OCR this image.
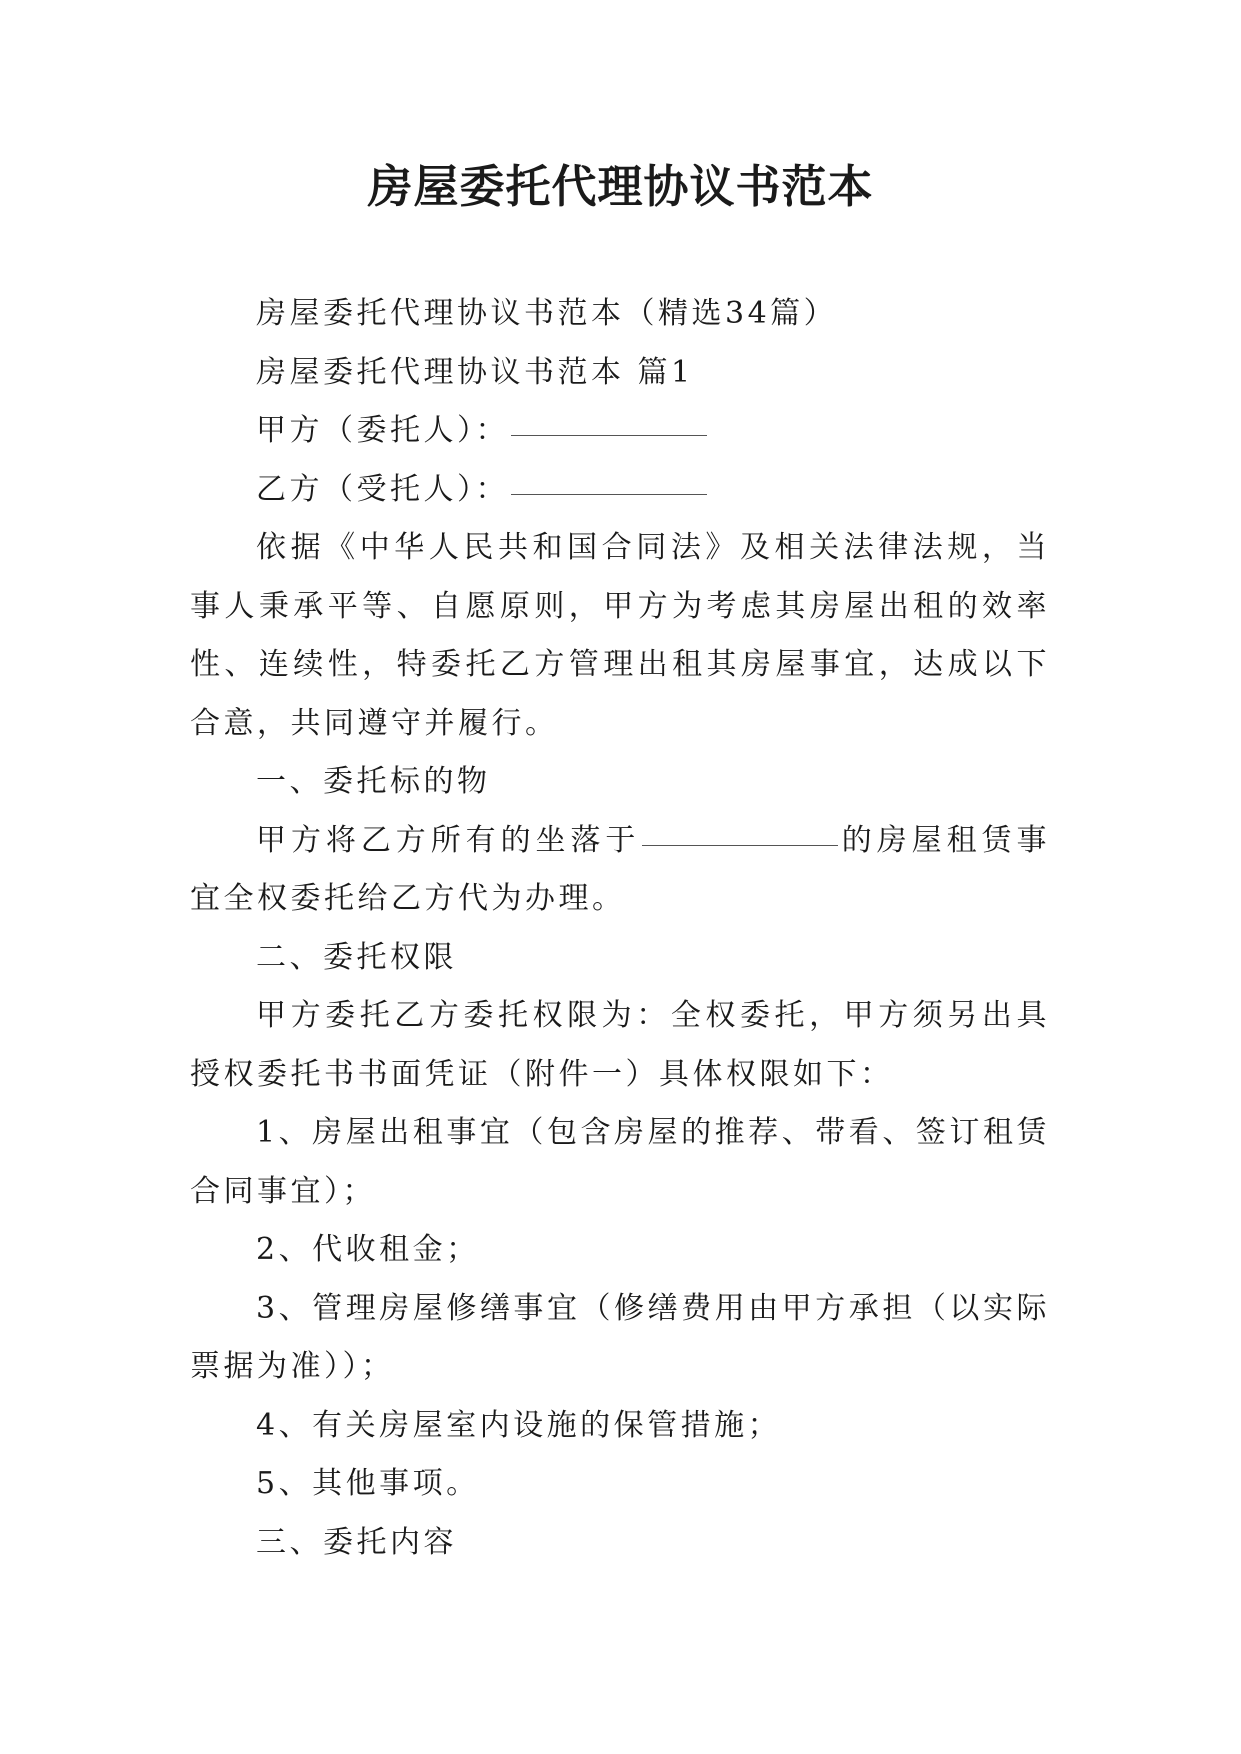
房屋委托代理协议书范本

房屋委托代理协议书范本（精选34篇）

房屋委托代理协议书范本 篇1

甲方（委托人）：

乙方（受托人）：

依据《中华人民共和国合同法》及相关法律法规，当事人秉承平等、自愿原则，甲方为考虑其房屋出租的效率性、连续性，特委托乙方管理出租其房屋事宜，达成以下合意，共同遵守并履行。

一、委托标的物

甲方将乙方所有的坐落于	的房屋租赁事宜全权委托给乙方代为办理。

二、委托权限

甲方委托乙方委托权限为：全权委托，甲方须另出具授权委托书书面凭证（附件一）具体权限如下：

1、房屋出租事宜（包含房屋的推荐、带看、签订租赁合同事宜）；

2、代收租金；

3、管理房屋修缮事宜（修缮费用由甲方承担（以实际票据为准））；

4、有关房屋室内设施的保管措施；

5、其他事项。

三、委托内容
